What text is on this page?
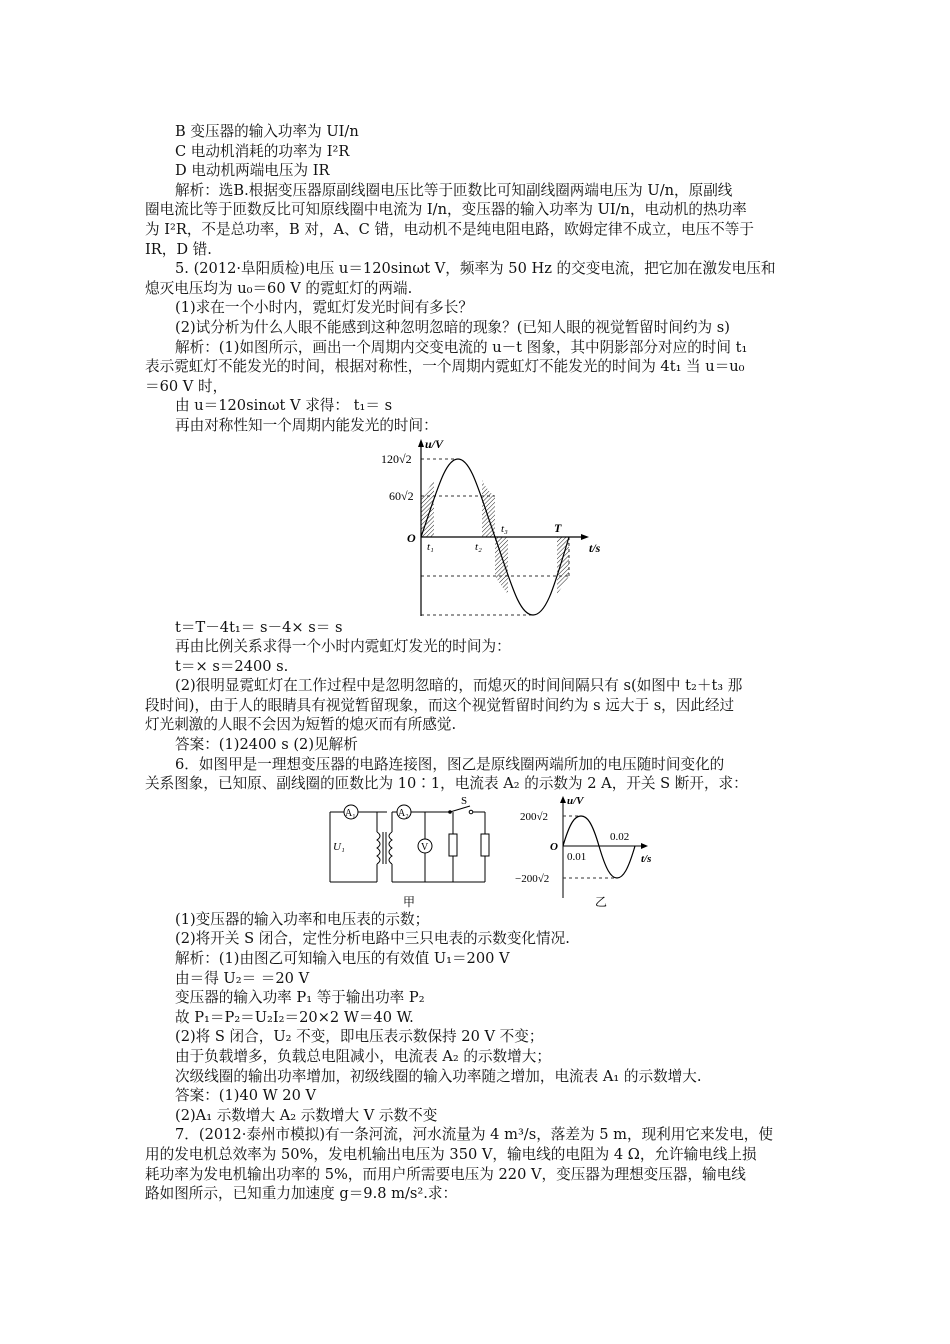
B 变压器的输入功率为 UI/n
C 电动机消耗的功率为 I²R
D 电动机两端电压为 IR
解析：选B.根据变压器原副线圈电压比等于匝数比可知副线圈两端电压为 U/n，原副线
圈电流比等于匝数反比可知原线圈中电流为 I/n，变压器的输入功率为 UI/n，电动机的热功率
为 I²R，不是总功率，B 对，A、C 错，电动机不是纯电阻电路，欧姆定律不成立，电压不等于
IR，D 错.
5. (2012·阜阳质检)电压 u＝120sinωt V，频率为 50 Hz 的交变电流，把它加在激发电压和
熄灭电压均为 u₀＝60 V 的霓虹灯的两端.
(1)求在一个小时内，霓虹灯发光时间有多长？
(2)试分析为什么人眼不能感到这种忽明忽暗的现象？(已知人眼的视觉暂留时间约为 s)
解析：(1)如图所示，画出一个周期内交变电流的 u－t 图象，其中阴影部分对应的时间 t₁
表示霓虹灯不能发光的时间，根据对称性，一个周期内霓虹灯不能发光的时间为 4t₁ 当 u＝u₀
＝60 V 时，
由 u＝120sinωt V 求得： t₁＝ s
再由对称性知一个周期内能发光的时间：
u/V
t/s
O
120√2
60√2
t₁	t₂
t₃	T
t＝T－4t₁＝ s－4× s＝ s
再由比例关系求得一个小时内霓虹灯发光的时间为：
t＝× s＝2400 s.
(2)很明显霓虹灯在工作过程中是忽明忽暗的，而熄灭的时间间隔只有 s(如图中 t₂＋t₃ 那
段时间)，由于人的眼睛具有视觉暂留现象，而这个视觉暂留时间约为 s 远大于 s，因此经过
灯光刺激的人眼不会因为短暂的熄灭而有所感觉.
答案：(1)2400 s (2)见解析
6．如图甲是一理想变压器的电路连接图，图乙是原线圈两端所加的电压随时间变化的
关系图象，已知原、副线圈的匝数比为 10∶1，电流表 A₂ 的示数为 2 A，开关 S 断开，求：
A₁	A₂
V
S
U₁
甲
u/V
t/s
O
200√2
−200√2
0.01
0.02
乙
(1)变压器的输入功率和电压表的示数；
(2)将开关 S 闭合，定性分析电路中三只电表的示数变化情况.
解析：(1)由图乙可知输入电压的有效值 U₁＝200 V
由＝得 U₂＝ ＝20 V
变压器的输入功率 P₁ 等于输出功率 P₂
故 P₁＝P₂＝U₂I₂＝20×2 W＝40 W.
(2)将 S 闭合，U₂ 不变，即电压表示数保持 20 V 不变；
由于负载增多，负载总电阻减小，电流表 A₂ 的示数增大；
次级线圈的输出功率增加，初级线圈的输入功率随之增加，电流表 A₁ 的示数增大.
答案：(1)40 W 20 V
(2)A₁ 示数增大 A₂ 示数增大 V 示数不变
7．(2012·泰州市模拟)有一条河流，河水流量为 4 m³/s，落差为 5 m，现利用它来发电，使
用的发电机总效率为 50%，发电机输出电压为 350 V，输电线的电阻为 4 Ω，允许输电线上损
耗功率为发电机输出功率的 5%，而用户所需要电压为 220 V，变压器为理想变压器，输电线
路如图所示，已知重力加速度 g＝9.8 m/s².求：
